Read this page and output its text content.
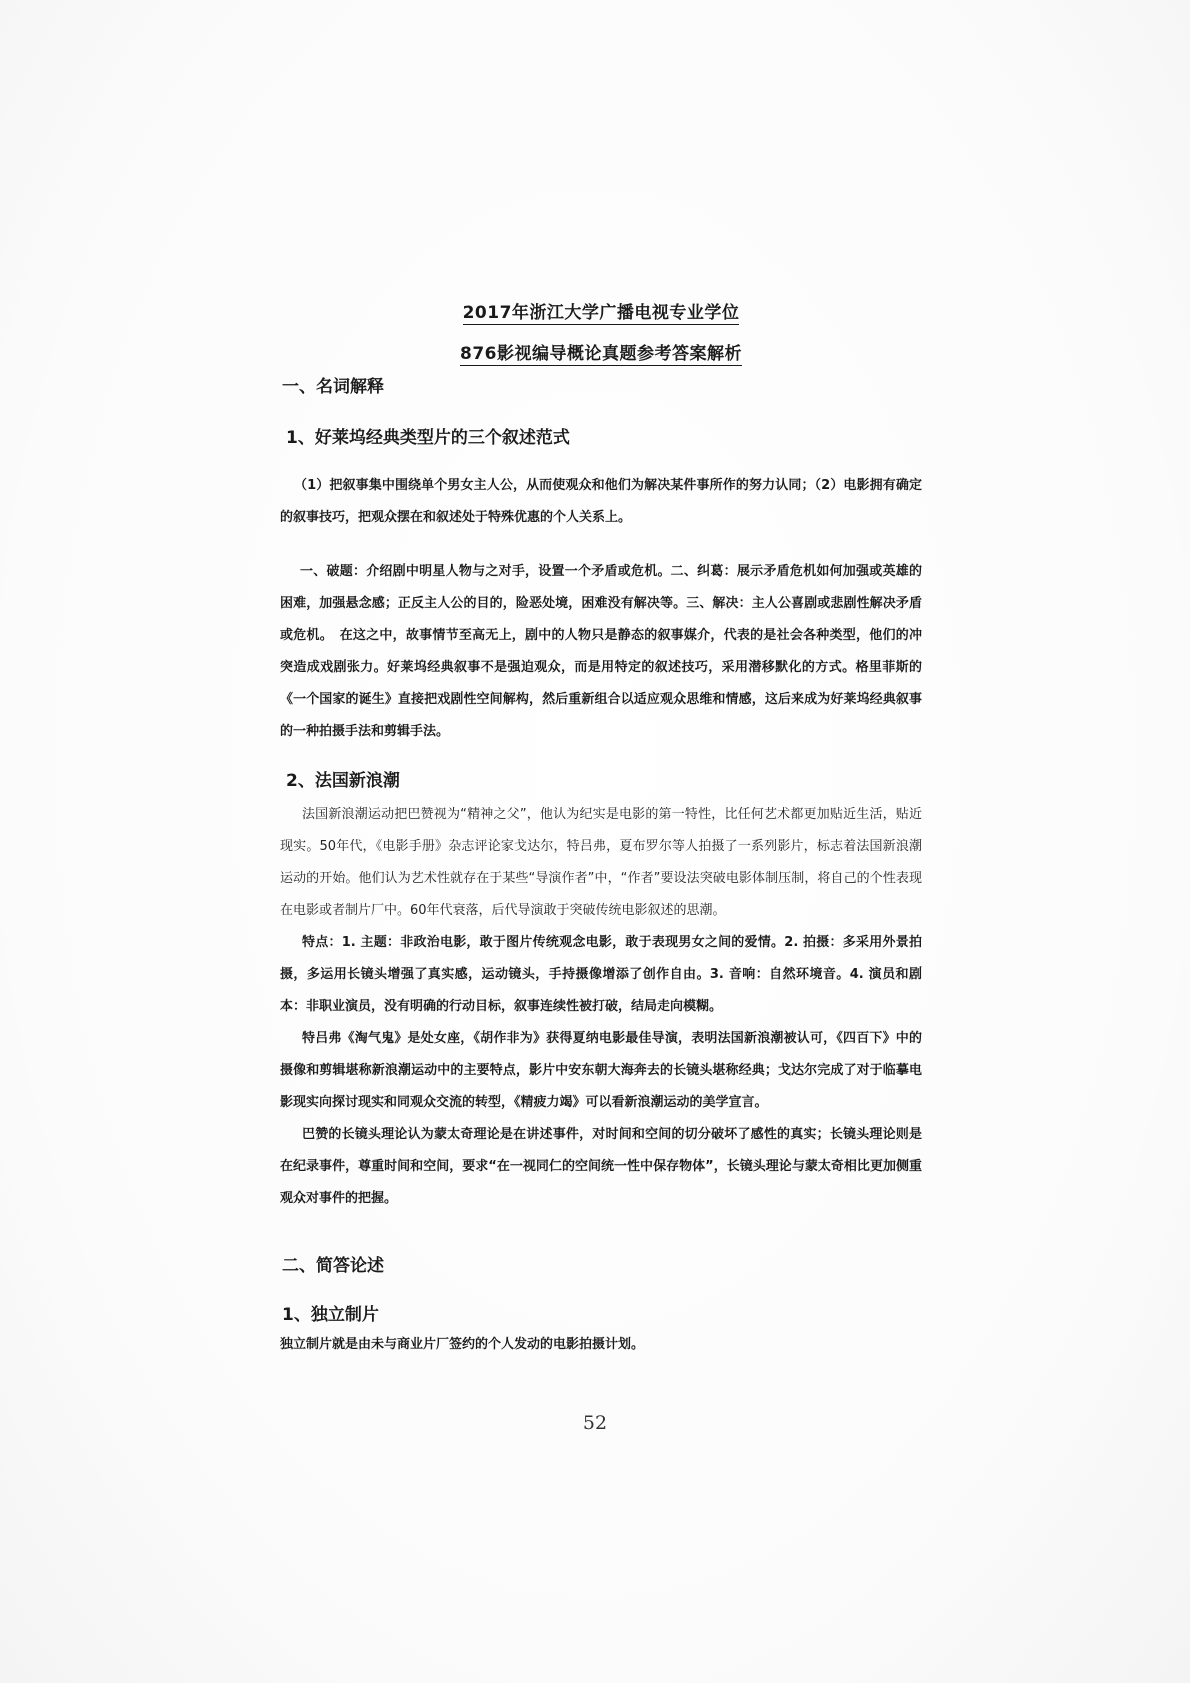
2017年浙江大学广播电视专业学位
876影视编导概论真题参考答案解析
一、名词解释
1、好莱坞经典类型片的三个叙述范式

（1）把叙事集中围绕单个男女主人公，从而使观众和他们为解决某件事所作的努力认同；（2）电影拥有确定的叙事技巧，把观众摆在和叙述处于特殊优惠的个人关系上。

一、破题：介绍剧中明星人物与之对手，设置一个矛盾或危机。二、纠葛：展示矛盾危机如何加强或英雄的困难，加强悬念感；正反主人公的目的，险恶处境，困难没有解决等。三、解决：主人公喜剧或悲剧性解决矛盾或危机。　在这之中，故事情节至高无上，剧中的人物只是静态的叙事媒介，代表的是社会各种类型，他们的冲突造成戏剧张力。好莱坞经典叙事不是强迫观众，而是用特定的叙述技巧，采用潜移默化的方式。格里菲斯的《一个国家的诞生》直接把戏剧性空间解构，然后重新组合以适应观众思维和情感，这后来成为好莱坞经典叙事的一种拍摄手法和剪辑手法。

2、法国新浪潮

法国新浪潮运动把巴赞视为“精神之父”，他认为纪实是电影的第一特性，比任何艺术都更加贴近生活，贴近现实。50年代，《电影手册》杂志评论家戈达尔，特吕弗，夏布罗尔等人拍摄了一系列影片，标志着法国新浪潮运动的开始。他们认为艺术性就存在于某些“导演作者”中，“作者”要设法突破电影体制压制，将自己的个性表现在电影或者制片厂中。60年代衰落，后代导演敢于突破传统电影叙述的思潮。

特点：1. 主题：非政治电影，敢于图片传统观念电影，敢于表现男女之间的爱情。2. 拍摄：多采用外景拍摄，多运用长镜头增强了真实感，运动镜头，手持摄像增添了创作自由。3. 音响：自然环境音。4. 演员和剧本：非职业演员，没有明确的行动目标，叙事连续性被打破，结局走向模糊。

特吕弗《淘气鬼》是处女座，《胡作非为》获得夏纳电影最佳导演，表明法国新浪潮被认可，《四百下》中的摄像和剪辑堪称新浪潮运动中的主要特点，影片中安东朝大海奔去的长镜头堪称经典；戈达尔完成了对于临摹电影现实向探讨现实和同观众交流的转型，《精疲力竭》可以看新浪潮运动的美学宣言。

巴赞的长镜头理论认为蒙太奇理论是在讲述事件，对时间和空间的切分破坏了感性的真实；长镜头理论则是在纪录事件，尊重时间和空间，要求“在一视同仁的空间统一性中保存物体”，长镜头理论与蒙太奇相比更加侧重观众对事件的把握。

二、简答论述
1、独立制片

独立制片就是由未与商业片厂签约的个人发动的电影拍摄计划。

52
